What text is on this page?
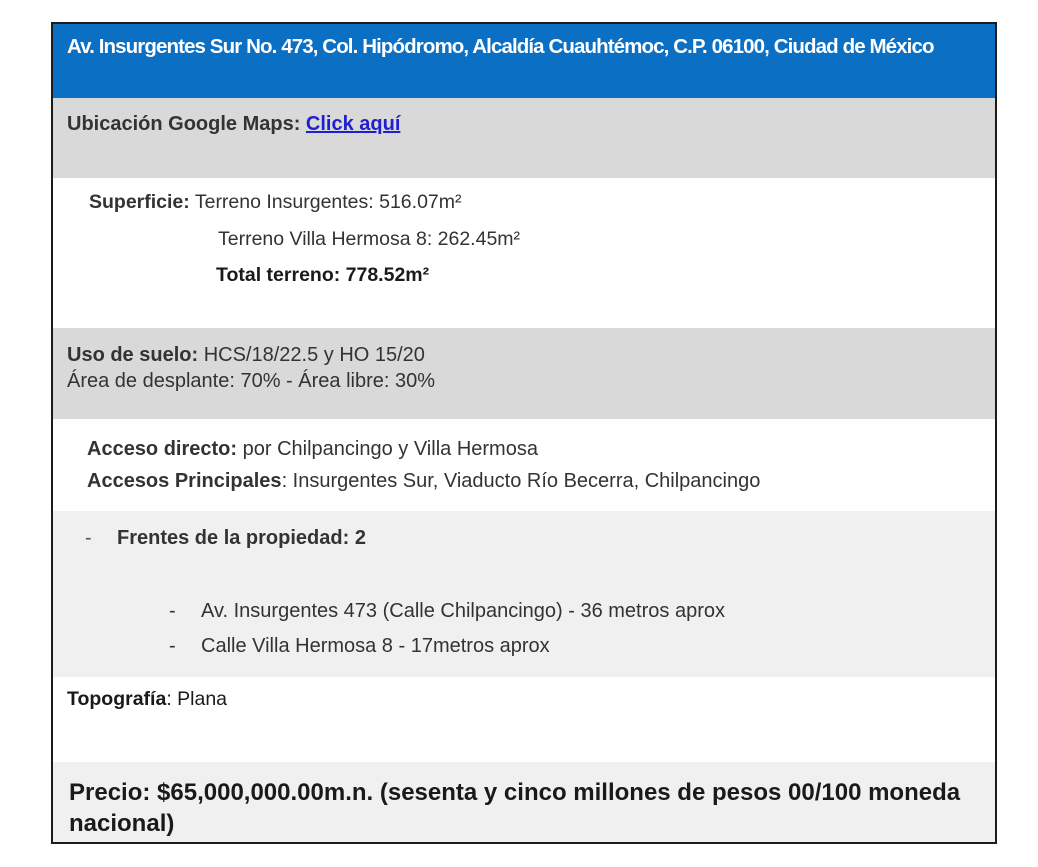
Av. Insurgentes Sur No. 473, Col. Hipódromo, Alcaldía Cuauhtémoc, C.P. 06100, Ciudad de México
Ubicación Google Maps: Click aquí
Superficie: Terreno Insurgentes: 516.07m²
Terreno Villa Hermosa 8: 262.45m²
Total terreno: 778.52m²
Uso de suelo: HCS/18/22.5 y HO 15/20
Área de desplante: 70% - Área libre: 30%
Acceso directo: por Chilpancingo y Villa Hermosa
Accesos Principales: Insurgentes Sur, Viaducto Río Becerra, Chilpancingo
- Frentes de la propiedad: 2
- Av. Insurgentes 473 (Calle Chilpancingo) - 36 metros aprox
- Calle Villa Hermosa 8 - 17metros aprox
Topografía: Plana
Precio: $65,000,000.00m.n. (sesenta y cinco millones de pesos 00/100 moneda nacional)
